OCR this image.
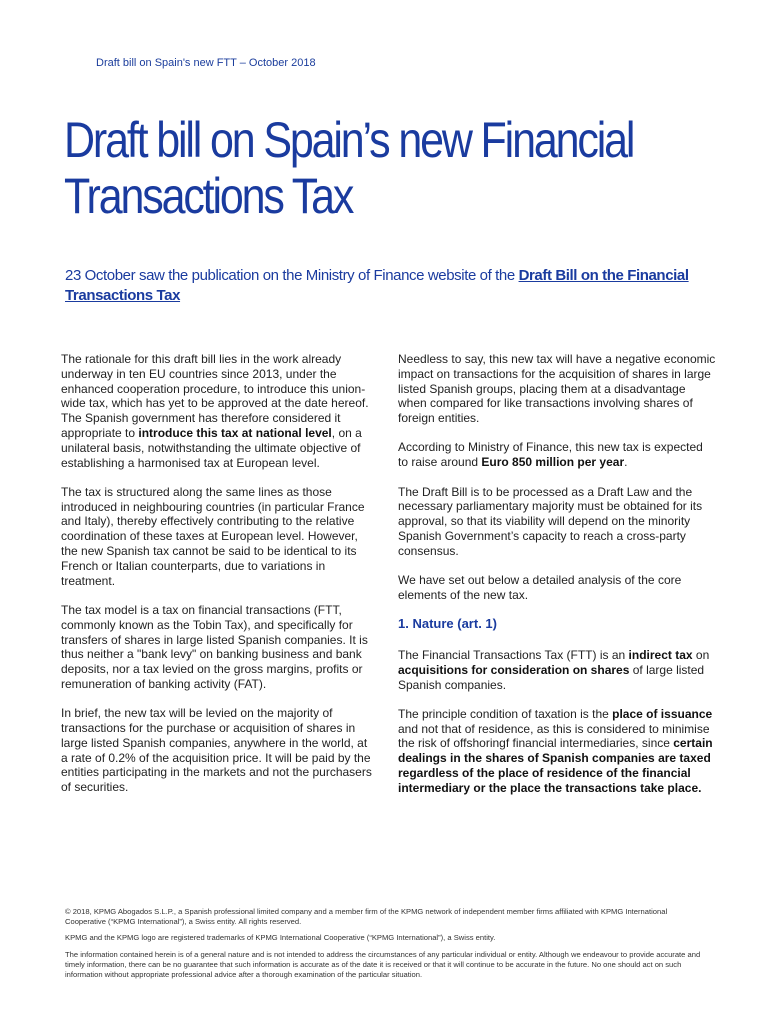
Draft bill on Spain's new FTT – October 2018
Draft bill on Spain’s new Financial
Transactions Tax
23 October saw the publication on the Ministry of Finance website of the Draft Bill on the Financial Transactions Tax

The rationale for this draft bill lies in the work already underway in ten EU countries since 2013, under the enhanced cooperation procedure, to introduce this union-wide tax, which has yet to be approved at the date hereof. The Spanish government has therefore considered it appropriate to introduce this tax at national level, on a unilateral basis, notwithstanding the ultimate objective of establishing a harmonised tax at European level.

The tax is structured along the same lines as those introduced in neighbouring countries (in particular France and Italy), thereby effectively contributing to the relative coordination of these taxes at European level. However, the new Spanish tax cannot be said to be identical to its French or Italian counterparts, due to variations in treatment.

The tax model is a tax on financial transactions (FTT, commonly known as the Tobin Tax), and specifically for transfers of shares in large listed Spanish companies. It is thus neither a "bank levy" on banking business and bank deposits, nor a tax levied on the gross margins, profits or remuneration of banking activity (FAT).

In brief, the new tax will be levied on the majority of transactions for the purchase or acquisition of shares in large listed Spanish companies, anywhere in the world, at a rate of 0.2% of the acquisition price. It will be paid by the entities participating in the markets and not the purchasers of securities.

Needless to say, this new tax will have a negative economic impact on transactions for the acquisition of shares in large listed Spanish groups, placing them at a disadvantage when compared for like transactions involving shares of foreign entities.

According to Ministry of Finance, this new tax is expected to raise around Euro 850 million per year.

The Draft Bill is to be processed as a Draft Law and the necessary parliamentary majority must be obtained for its approval, so that its viability will depend on the minority Spanish Government’s capacity to reach a cross-party consensus.

We have set out below a detailed analysis of the core elements of the new tax.

1. Nature (art. 1)

The Financial Transactions Tax (FTT) is an indirect tax on acquisitions for consideration on shares of large listed Spanish companies.

The principle condition of taxation is the place of issuance and not that of residence, as this is considered to minimise the risk of offshoringf financial intermediaries, since certain dealings in the shares of Spanish companies are taxed regardless of the place of residence of the financial intermediary or the place the transactions take place.

© 2018, KPMG Abogados S.L.P., a Spanish professional limited company and a member firm of the KPMG network of independent member firms affiliated with KPMG International Cooperative (“KPMG International”), a Swiss entity. All rights reserved.

KPMG and the KPMG logo are registered trademarks of KPMG International Cooperative (“KPMG International”), a Swiss entity.

The information contained herein is of a general nature and is not intended to address the circumstances of any particular individual or entity. Although we endeavour to provide accurate and timely information, there can be no guarantee that such information is accurate as of the date it is received or that it will continue to be accurate in the future. No one should act on such information without appropriate professional advice after a thorough examination of the particular situation.
